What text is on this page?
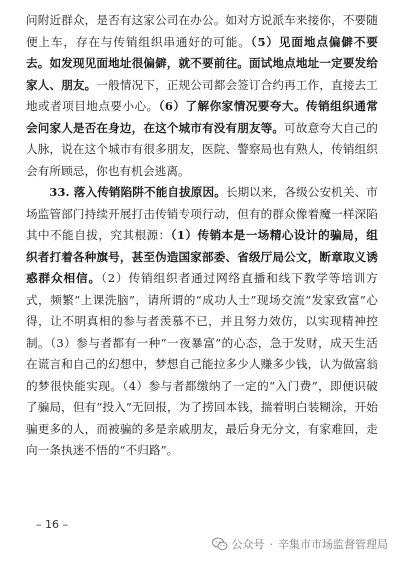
问附近群众，是否有这家公司在办公。如对方说派车来接你，不要随便上车，存在与传销组织串通好的可能。（5）见面地点偏僻不要去。如发现见面地址很偏僻，就不要前往。面试地点地址一定要发给家人、朋友。一般情况下，正规公司都会签订合约再工作，直接去工地或者项目地点要小心。（6）了解你家情况要夸大。传销组织通常会问家人是否在身边，在这个城市有没有朋友等。可故意夸大自己的人脉，说在这个城市有很多朋友，医院、警察局也有熟人，传销组织会有所顾忌，你也有机会逃离。

33. 落入传销陷阱不能自拔原因。长期以来，各级公安机关、市场监管部门持续开展打击传销专项行动，但有的群众像着魔一样深陷其中不能自拔，究其根源：（1）传销本是一场精心设计的骗局，组织者打着各种旗号，甚至伪造国家部委、省级厅局公文，断章取义诱惑群众相信。（2）传销组织者通过网络直播和线下教学等培训方式，频繁“上课洗脑”，请所谓的“成功人士”现场交流“发家致富”心得，让不明真相的参与者羡慕不已，并且努力效仿，以实现精神控制。（3）参与者都有一种“一夜暴富”的心态，急于发财，成天生活在谎言和自己的幻想中，梦想自己能拉多少人赚多少钱，认为做富翁的梦很快能实现。（4）参与者都缴纳了一定的“入门费”，即便识破了骗局，但有“投入”无回报，为了捞回本钱，揣着明白装糊涂，开始骗更多的人，而被骗的多是亲戚朋友，最后身无分文，有家难回，走向一条执迷不悟的“不归路”。

– 16 –
公众号 · 辛集市市场监督管理局
